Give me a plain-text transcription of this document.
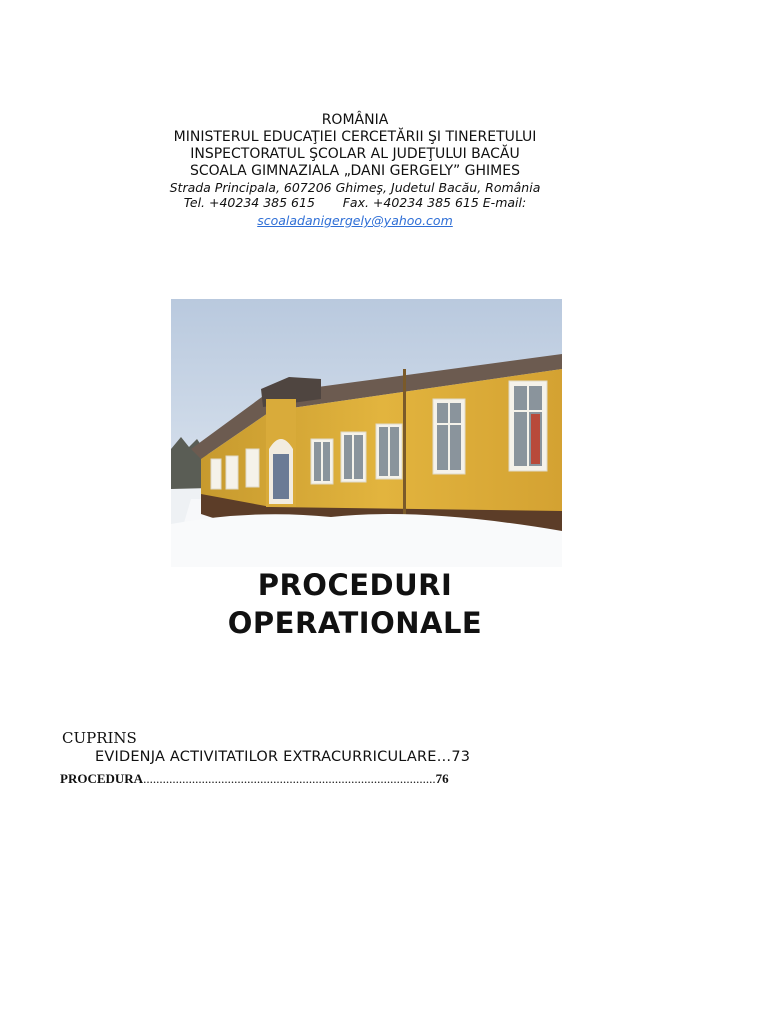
ROMÂNIA
MINISTERUL EDUCAŢIEI CERCETĂRII ŞI TINERETULUI
INSPECTORATUL ŞCOLAR AL JUDEŢULUI BACĂU
SCOALA GIMNAZIALA „DANI GERGELY” GHIMES
Strada Principala, 607206 Ghimeş, Judetul Bacău, România
Tel. +40234 385 615       Fax. +40234 385 615 E-mail:
scoaladanigergely@yahoo.com
PROCEDURI
OPERATIONALE
CUPRINS
EVIDENJA ACTIVITATILOR EXTRACURRICULARE…73
PROCEDURA..........................................................................................76
